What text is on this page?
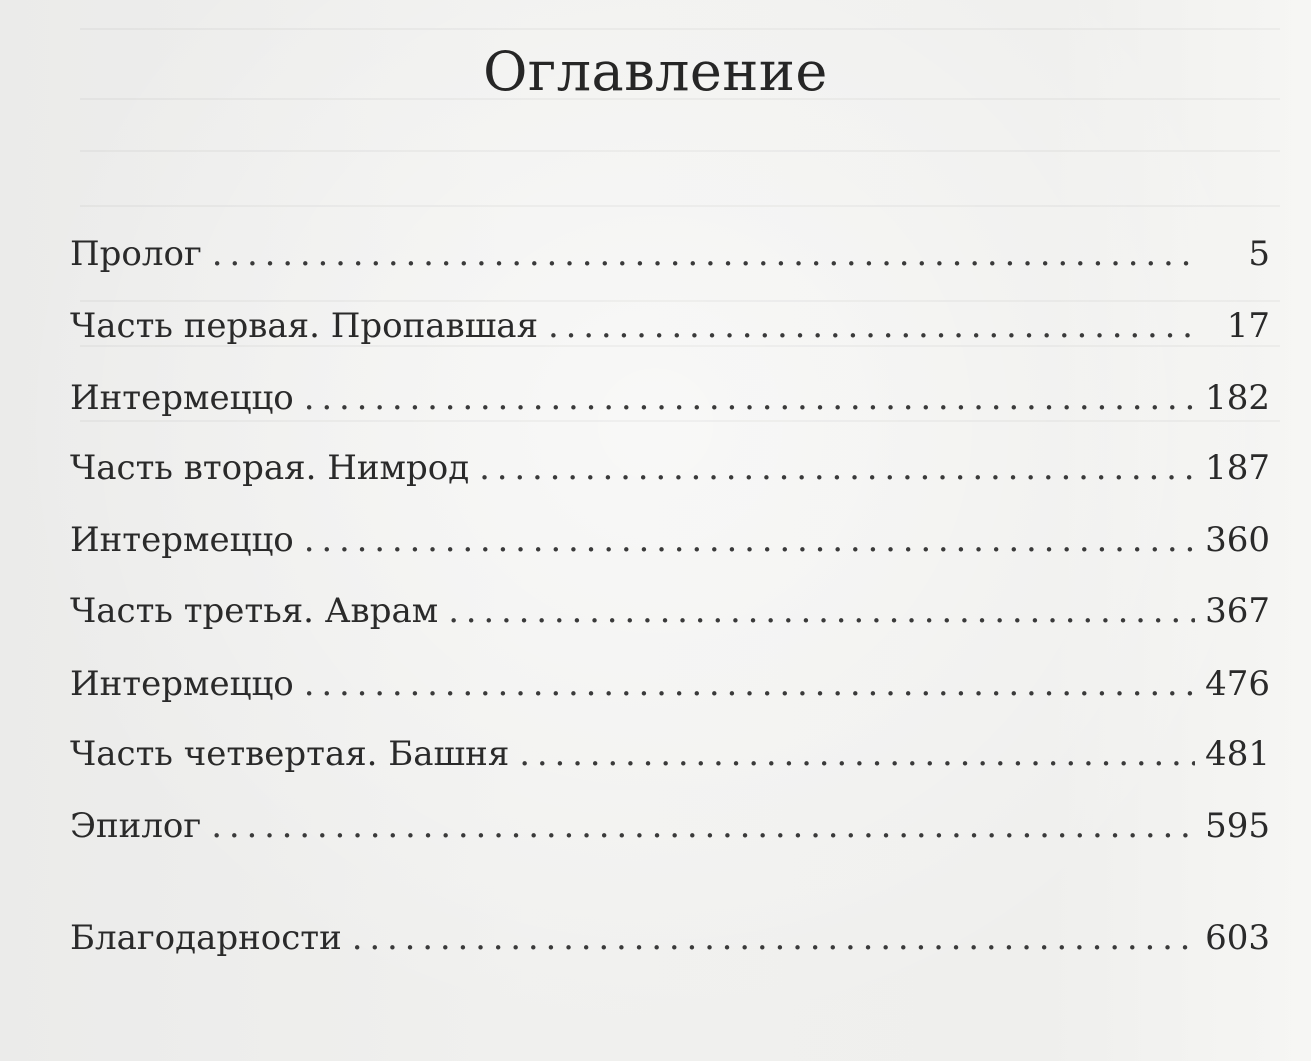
Оглавление
Пролог . . .	5
Часть первая. Пропавшая . . .	17
Интермеццо . . .	182
Часть вторая. Нимрод . . .	187
Интермеццо . . .	360
Часть третья. Аврам . . .	367
Интермеццо . . .	476
Часть четвертая. Башня . . .	481
Эпилог . . .	595
Благодарности . . .	603
